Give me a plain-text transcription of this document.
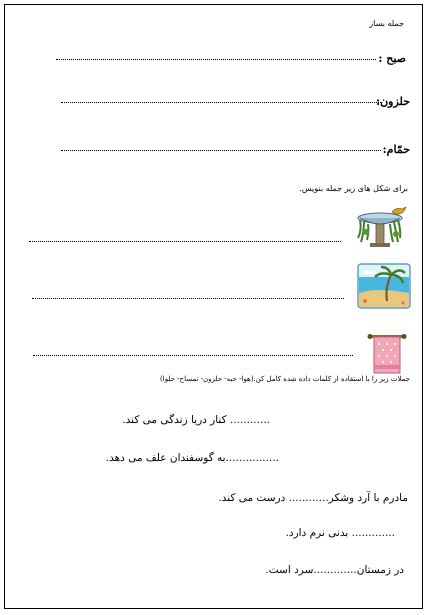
جمله بساز
صبح :
حلزون:
حمّام:
برای شکل های زیر جمله بنویس.
جملات زیر را با استفاده از کلمات داده شده کامل کن.(هوا- حبه- حلزون- تمساح- حلوا)
............ کنار دریا زندگی می کند.
................به گوسفندان علف می دهد.
مادرم با آرد وشکر............ درست می کند.
............. بدنی نرم دارد.
در زمستان.............سرد است.
